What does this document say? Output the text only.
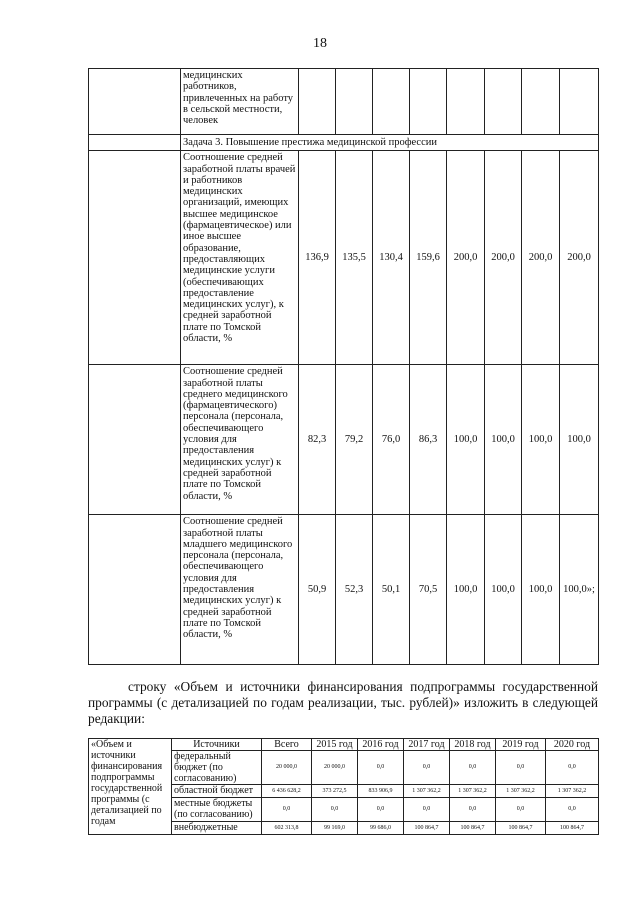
18
	медицинских работников, привлеченных на работу в сельской местности, человек								
	Задача 3. Повышение престижа медицинской профессии								
	Соотношение средней заработной платы врачей и работников медицинских организаций, имеющих высшее медицинское (фармацевтическое) или иное высшее образование, предоставляющих медицинские услуги (обеспечивающих предоставление медицинских услуг), к средней заработной плате по Томской области, %	136,9	135,5	130,4	159,6	200,0	200,0	200,0	200,0
	Соотношение средней заработной платы среднего медицинского (фармацевтического) персонала (персонала, обеспечивающего условия для предоставления медицинских услуг) к средней заработной плате по Томской области, %	82,3	79,2	76,0	86,3	100,0	100,0	100,0	100,0
	Соотношение средней заработной платы младшего медицинского персонала (персонала, обеспечивающего условия для предоставления медицинских услуг) к средней заработной плате по Томской области, %	50,9	52,3	50,1	70,5	100,0	100,0	100,0	100,0»;
строку «Объем и источники финансирования подпрограммы государственной программы (с детализацией по годам реализации, тыс. рублей)» изложить в следующей редакции:
«Объем и источники финансирования подпрограммы государственной программы (с детализацией по годам	Источники	Всего	2015 год	2016 год	2017 год	2018 год	2019 год	2020 год
	федеральный бюджет (по согласованию)	20 000,0	20 000,0	0,0	0,0	0,0	0,0	0,0
	областной бюджет	6 436 628,2	373 272,5	833 906,9	1 307 362,2	1 307 362,2	1 307 362,2	1 307 362,2
	местные бюджеты (по согласованию)	0,0	0,0	0,0	0,0	0,0	0,0	0,0
	внебюджетные	602 313,8	99 169,0	99 686,0	100 864,7	100 864,7	100 864,7	100 864,7
